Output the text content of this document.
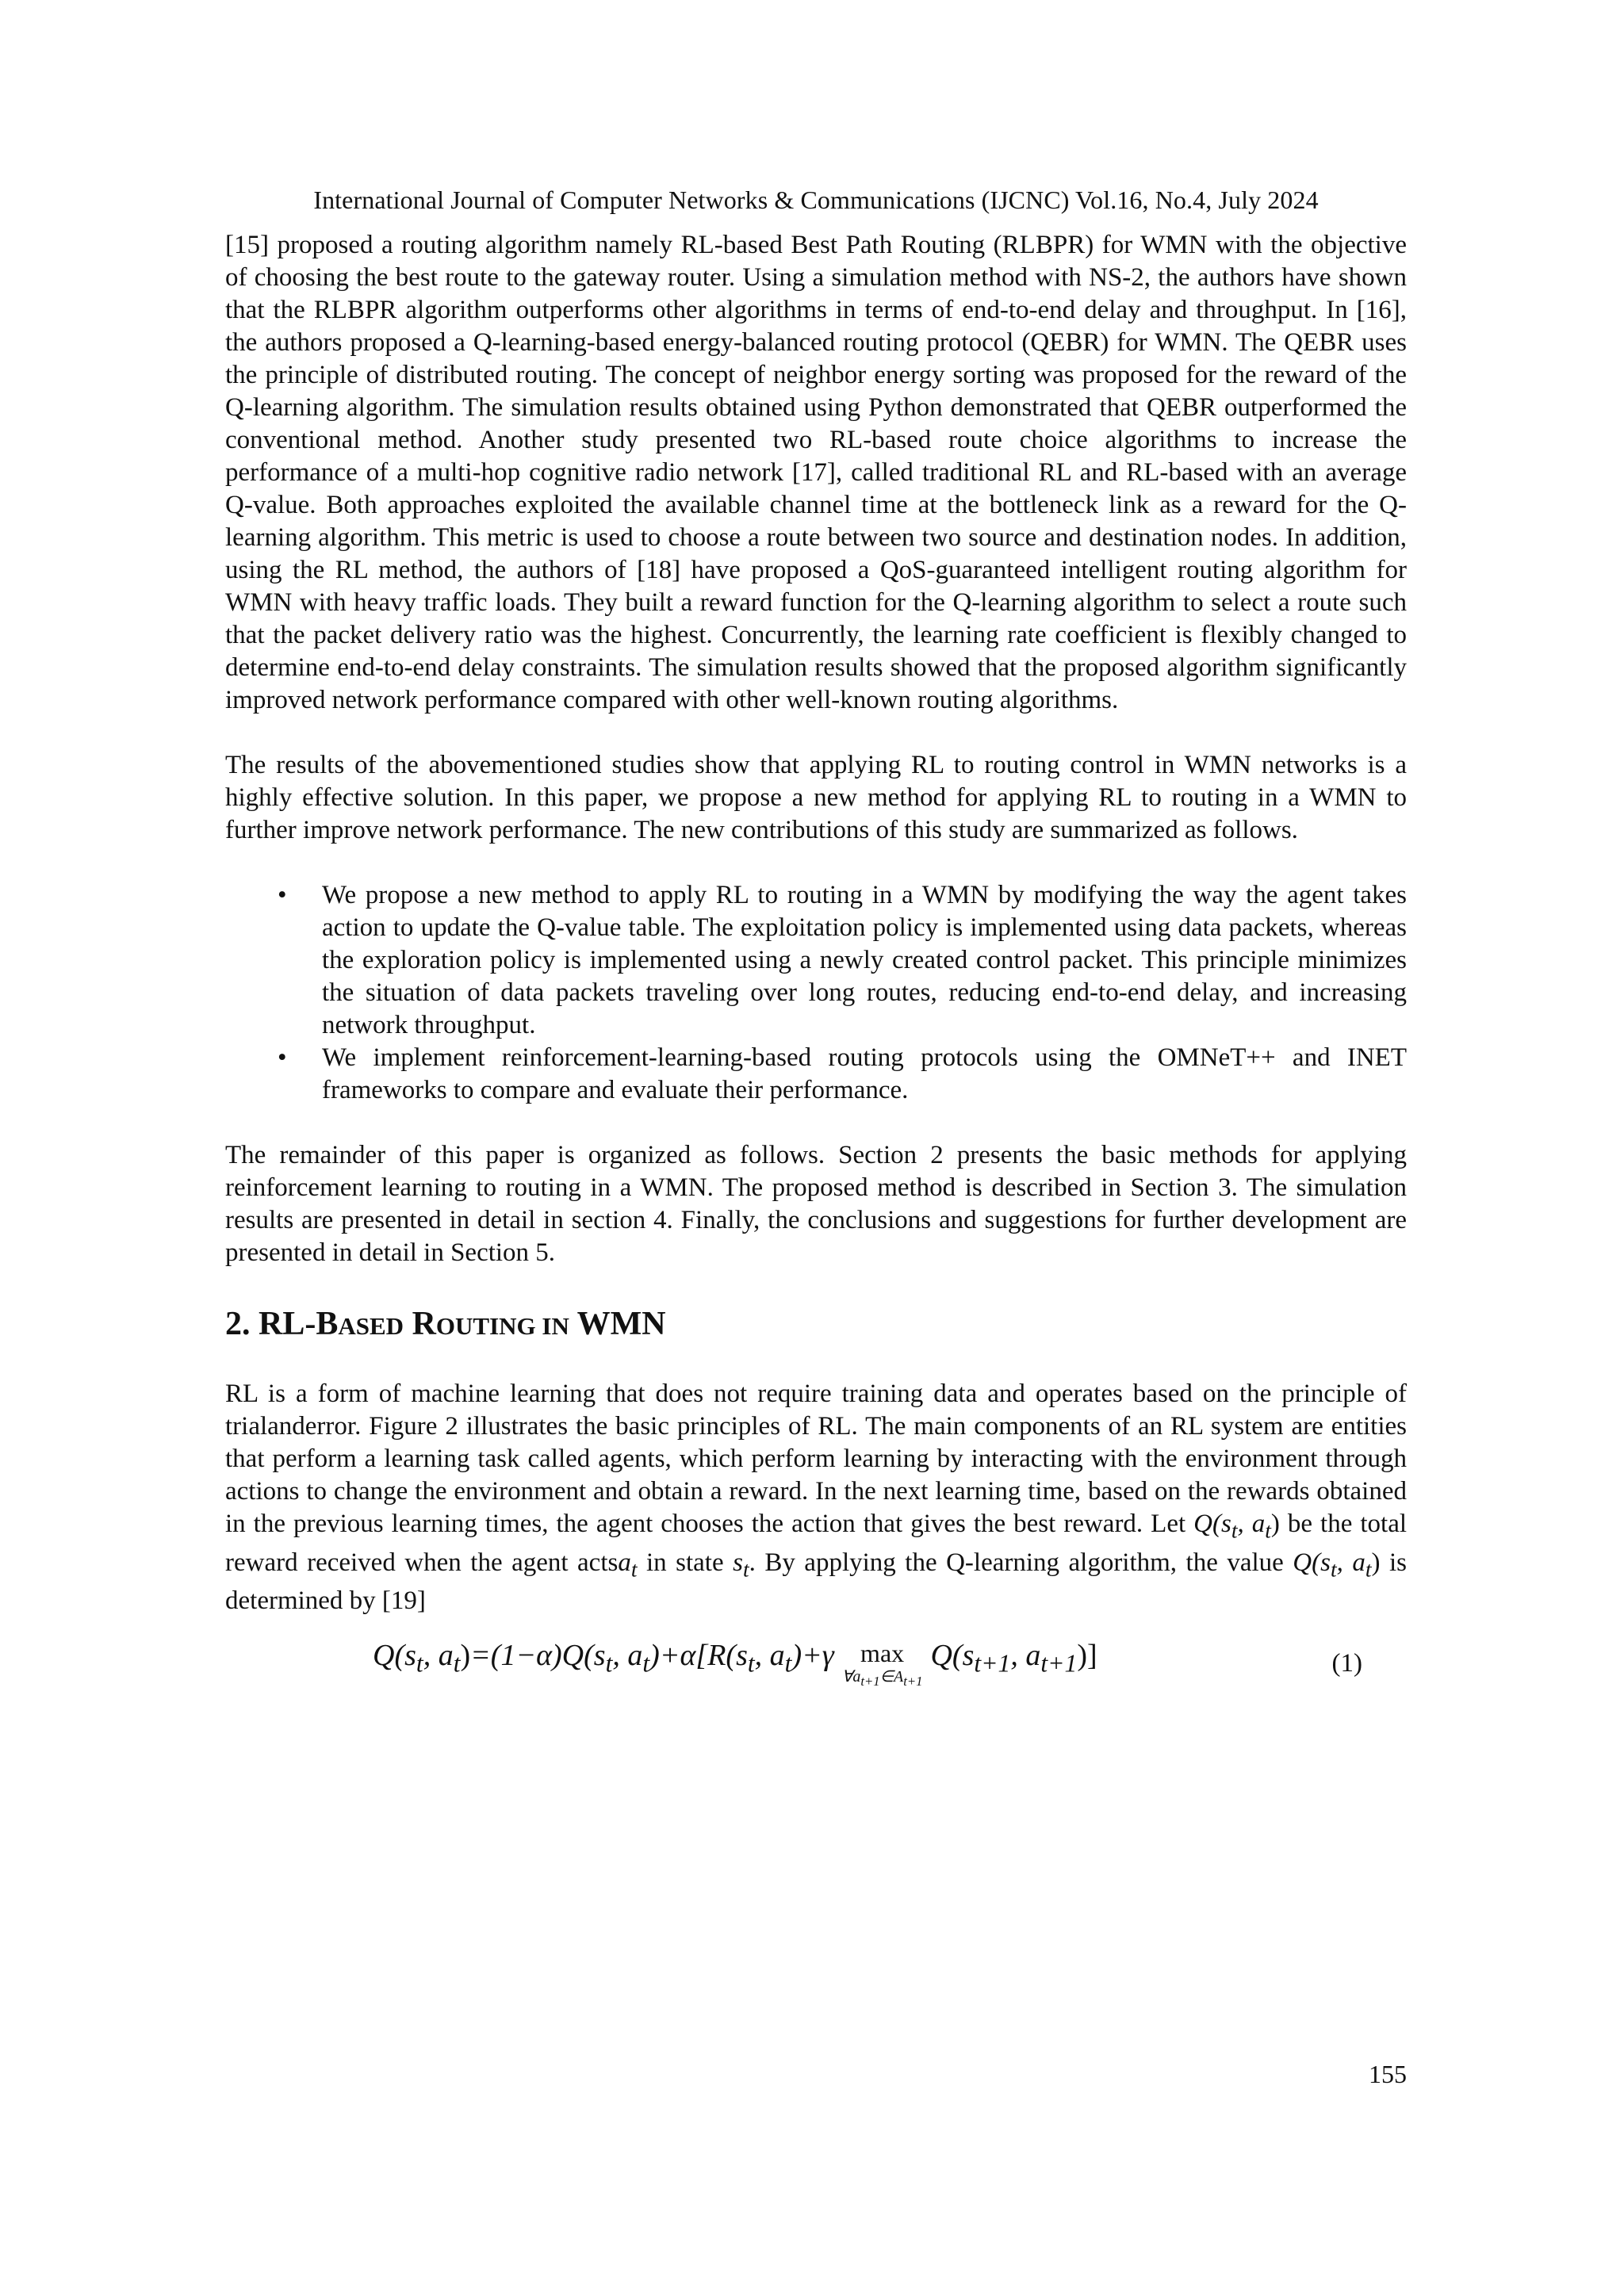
International Journal of Computer Networks & Communications (IJCNC) Vol.16, No.4, July 2024

[15] proposed a routing algorithm namely RL-based Best Path Routing (RLBPR) for WMN with the objective of choosing the best route to the gateway router. Using a simulation method with NS-2, the authors have shown that the RLBPR algorithm outperforms other algorithms in terms of end-to-end delay and throughput. In [16], the authors proposed a Q-learning-based energy-balanced routing protocol (QEBR) for WMN. The QEBR uses the principle of distributed routing. The concept of neighbor energy sorting was proposed for the reward of the Q-learning algorithm. The simulation results obtained using Python demonstrated that QEBR outperformed the conventional method. Another study presented two RL-based route choice algorithms to increase the performance of a multi-hop cognitive radio network [17], called traditional RL and RL-based with an average Q-value. Both approaches exploited the available channel time at the bottleneck link as a reward for the Q-learning algorithm. This metric is used to choose a route between two source and destination nodes. In addition, using the RL method, the authors of [18] have proposed a QoS-guaranteed intelligent routing algorithm for WMN with heavy traffic loads. They built a reward function for the Q-learning algorithm to select a route such that the packet delivery ratio was the highest. Concurrently, the learning rate coefficient is flexibly changed to determine end-to-end delay constraints. The simulation results showed that the proposed algorithm significantly improved network performance compared with other well-known routing algorithms.

The results of the abovementioned studies show that applying RL to routing control in WMN networks is a highly effective solution. In this paper, we propose a new method for applying RL to routing in a WMN to further improve network performance. The new contributions of this study are summarized as follows.

• We propose a new method to apply RL to routing in a WMN by modifying the way the agent takes action to update the Q-value table. The exploitation policy is implemented using data packets, whereas the exploration policy is implemented using a newly created control packet. This principle minimizes the situation of data packets traveling over long routes, reducing end-to-end delay, and increasing network throughput.
• We implement reinforcement-learning-based routing protocols using the OMNeT++ and INET frameworks to compare and evaluate their performance.

The remainder of this paper is organized as follows. Section 2 presents the basic methods for applying reinforcement learning to routing in a WMN. The proposed method is described in Section 3. The simulation results are presented in detail in section 4. Finally, the conclusions and suggestions for further development are presented in detail in Section 5.

2. RL-BASED ROUTING IN WMN

RL is a form of machine learning that does not require training data and operates based on the principle of trialanderror. Figure 2 illustrates the basic principles of RL. The main components of an RL system are entities that perform a learning task called agents, which perform learning by interacting with the environment through actions to change the environment and obtain a reward. In the next learning time, based on the rewards obtained in the previous learning times, the agent chooses the action that gives the best reward. Let $Q(s_t$, $a_t$) be the total reward received when the agent actsa$_t$ in state $s_t$. By applying the Q-learning algorithm, the value $Q(s_t$, $a_t$) is determined by [19]

$Q(s_t$, $a_t)=(1-\alpha)Q(s_t$, $a_t)+\alpha[R(s_t$, $a_t)+\gamma$	max
$\forall a_{t+1}\in A_{t+1}$
$Q(s_{t+1}$, $a_{t+1}$)]	(1)
155
